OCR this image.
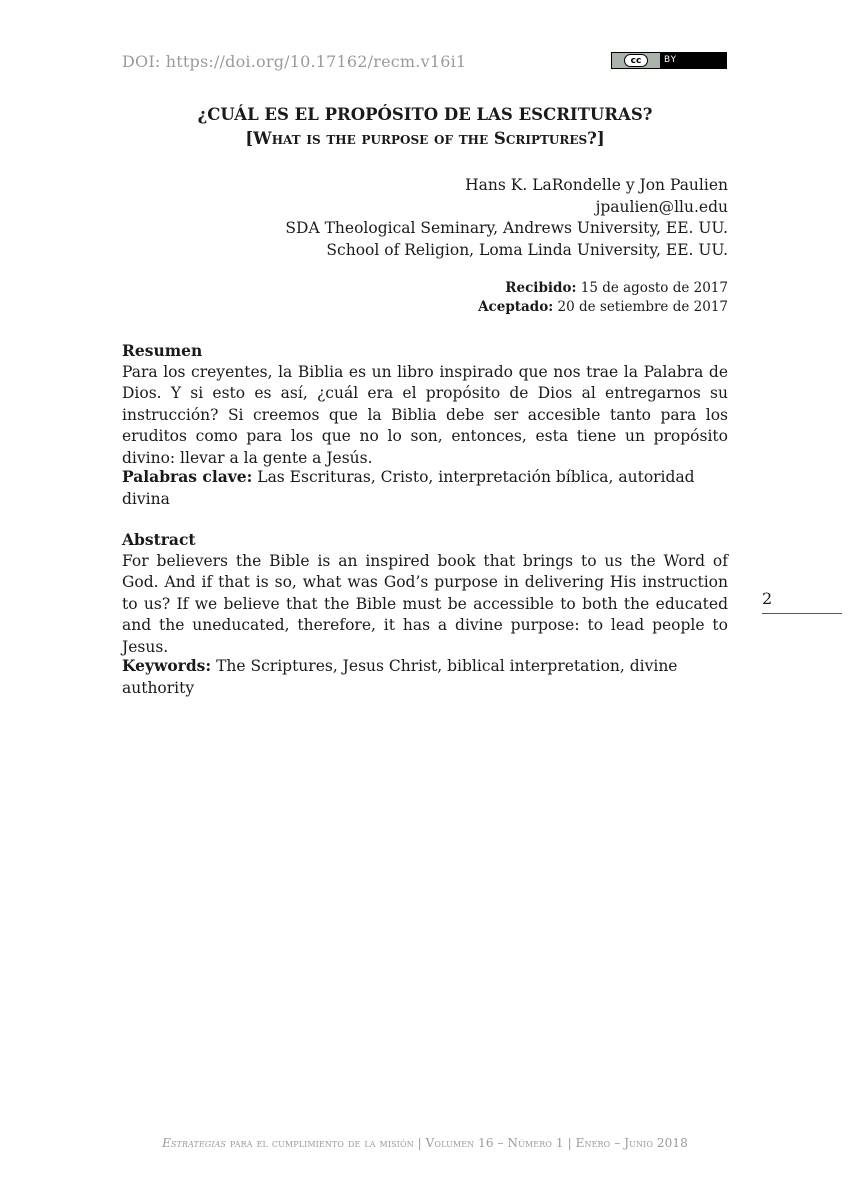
DOI: https://doi.org/10.17162/recm.v16i1	cc	BY
¿CUÁL ES EL PROPÓSITO DE LAS ESCRITURAS?
[What is the purpose of the Scriptures?]
Hans K. LaRondelle y Jon Paulien
jpaulien@llu.edu
SDA Theological Seminary, Andrews University, EE. UU.
School of Religion, Loma Linda University, EE. UU.
Recibido: 15 de agosto de 2017
Aceptado: 20 de setiembre de 2017
Resumen
Para los creyentes, la Biblia es un libro inspirado que nos trae la Palabra de Dios. Y si esto es así, ¿cuál era el propósito de Dios al entregarnos su instrucción? Si creemos que la Biblia debe ser accesible tanto para los eruditos como para los que no lo son, entonces, esta tiene un propósito divino: llevar a la gente a Jesús.
Palabras clave: Las Escrituras, Cristo, interpretación bíblica, autoridad divina
Abstract
For believers the Bible is an inspired book that brings to us the Word of God. And if that is so, what was God’s purpose in delivering His instruction to us? If we believe that the Bible must be accessible to both the educated and the uneducated, therefore, it has a divine purpose: to lead people to Jesus.
Keywords: The Scriptures, Jesus Christ, biblical interpretation, divine authority
2
Estrategias para el cumplimiento de la misión | Volumen 16 – Número 1 | Enero – Junio 2018
